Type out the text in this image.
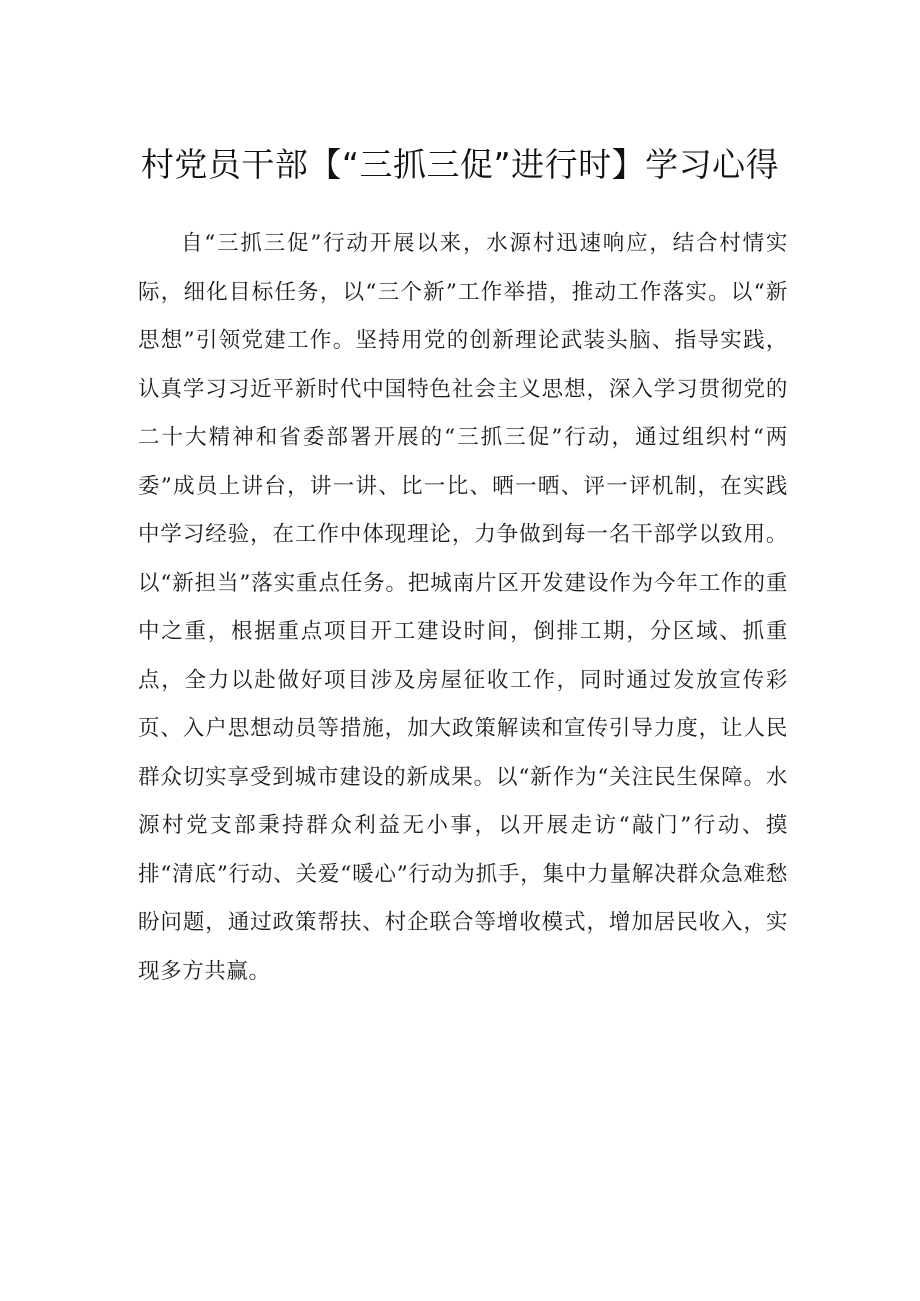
村党员干部【“三抓三促”进行时】学习心得

自“三抓三促”行动开展以来，水源村迅速响应，结合村情实际，细化目标任务，以“三个新”工作举措，推动工作落实。以“新思想”引领党建工作。坚持用党的创新理论武装头脑、指导实践，认真学习习近平新时代中国特色社会主义思想，深入学习贯彻党的二十大精神和省委部署开展的“三抓三促”行动，通过组织村“两委”成员上讲台，讲一讲、比一比、晒一晒、评一评机制，在实践中学习经验，在工作中体现理论，力争做到每一名干部学以致用。以“新担当”落实重点任务。把城南片区开发建设作为今年工作的重中之重，根据重点项目开工建设时间，倒排工期，分区域、抓重点，全力以赴做好项目涉及房屋征收工作，同时通过发放宣传彩页、入户思想动员等措施，加大政策解读和宣传引导力度，让人民群众切实享受到城市建设的新成果。以“新作为“关注民生保障。水源村党支部秉持群众利益无小事，以开展走访“敲门”行动、摸排“清底”行动、关爱“暖心”行动为抓手，集中力量解决群众急难愁盼问题，通过政策帮扶、村企联合等增收模式，增加居民收入，实现多方共赢。
